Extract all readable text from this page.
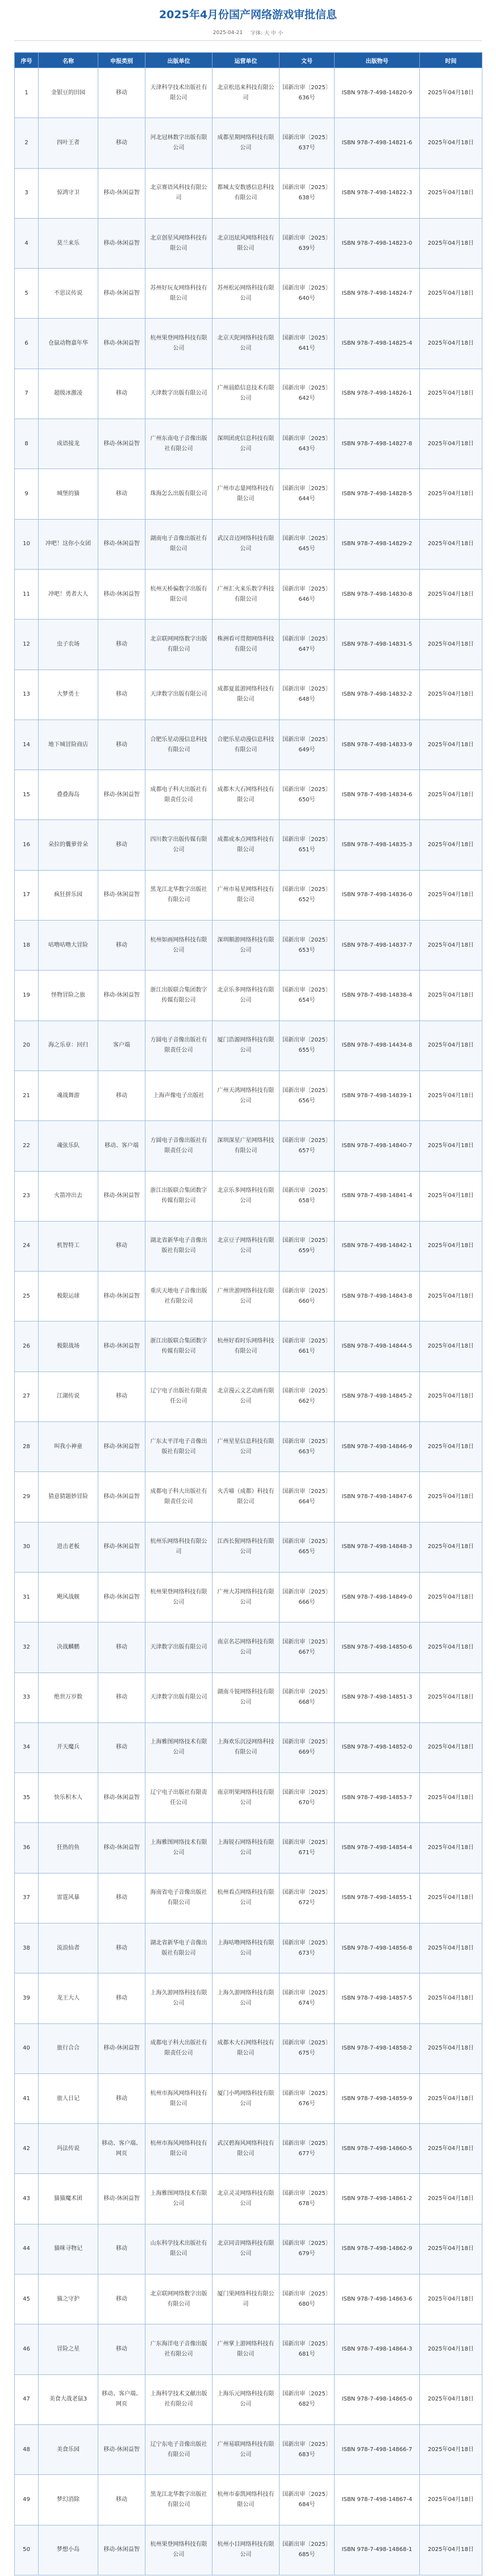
2025年4月份国产网络游戏审批信息
2025-04-21 字体: 大 中 小
序号	名称	申报类别	出版单位	运营单位	文号	出版物号	时间
1	金银豆的田园	移动	天津科学技术出版社有限公司	北京松迅来科技有限公司	国新出审〔2025〕636号	ISBN 978-7-498-14820-9	2025年04月18日
2	四叶王者	移动	河北冠林数字出版有限公司	成都星期网络科技有限公司	国新出审〔2025〕637号	ISBN 978-7-498-14821-6	2025年04月18日
3	惊鸿守卫	移动-休闲益智	北京赛语风科技有限公司	都城太安数感信息科技有限公司	国新出审〔2025〕638号	ISBN 978-7-498-14822-3	2025年04月18日
4	莫兰来乐	移动-休闲益智	北京创星风网络科技有限公司	北京迅炫风网络科技有限公司	国新出审〔2025〕639号	ISBN 978-7-498-14823-0	2025年04月18日
5	不思议传说	移动-休闲益智	苏州好玩友网络科技有限公司	苏州松沁网络科技有限公司	国新出审〔2025〕640号	ISBN 978-7-498-14824-7	2025年04月18日
6	仓鼠动物嘉年华	移动-休闲益智	杭州果登网络科技有限公司	北京天陀网络科技有限公司	国新出审〔2025〕641号	ISBN 978-7-498-14825-4	2025年04月18日
7	超级冰激凌	移动	天津数字出版有限公司	广州晨皓信息技术有限公司	国新出审〔2025〕642号	ISBN 978-7-498-14826-1	2025年04月18日
8	成语接龙	移动-休闲益智	广州东南电子音像出版社有限公司	深圳团虎信息科技有限公司	国新出审〔2025〕643号	ISBN 978-7-498-14827-8	2025年04月18日
9	城堡的猫	移动	珠海怎么出版有限公司	广州市志量网络科技有限公司	国新出审〔2025〕644号	ISBN 978-7-498-14828-5	2025年04月18日
10	冲吧！这你小女团	移动-休闲益智	湖南电子音像出版社有限公司	武汉音迈网络科技有限公司	国新出审〔2025〕645号	ISBN 978-7-498-14829-2	2025年04月18日
11	冲吧！勇者大人	移动-休闲益智	杭州天桥偏数字出版有限公司	广州汇火来乐数字科技有限公司	国新出审〔2025〕646号	ISBN 978-7-498-14830-8	2025年04月18日
12	虫子农场	移动	北京联网网络数字出版有限公司	株洲看可贯彻网络科技有限公司	国新出审〔2025〕647号	ISBN 978-7-498-14831-5	2025年04月18日
13	大梦勇士	移动	天津数字出版有限公司	成都夏蓝游网络科技有限公司	国新出审〔2025〕648号	ISBN 978-7-498-14832-2	2025年04月18日
14	地下城冒险商店	移动	合肥乐星动漫信息科技有限公司	合肥乐星动漫信息科技有限公司	国新出审〔2025〕649号	ISBN 978-7-498-14833-9	2025年04月18日
15	叠叠海岛	移动-休闲益智	成都电子科大出版社有限责任公司	成都木大石网络科技有限公司	国新出审〔2025〕650号	ISBN 978-7-498-14834-6	2025年04月18日
16	朵拉的囊萝骨朵	移动	四川数字出版传媒有限公司	成都成本点网络科技有限公司	国新出审〔2025〕651号	ISBN 978-7-498-14835-3	2025年04月18日
17	疯狂拼乐园	移动-休闲益智	黑龙江北华数字出版社有限公司	广州市易星网络科技有限公司	国新出审〔2025〕652号	ISBN 978-7-498-14836-0	2025年04月18日
18	咕噜咕噜大冒险	移动	杭州如画网络科技有限公司	深圳顺游网络科技有限公司	国新出审〔2025〕653号	ISBN 978-7-498-14837-7	2025年04月18日
19	怪物冒险之旅	移动-休闲益智	浙江出版联合集团数字传媒有限公司	北京乐多网络科技有限公司	国新出审〔2025〕654号	ISBN 978-7-498-14838-4	2025年04月18日
20	海之乐章：回归	客户端	方圆电子音像出版社有限责任公司	厦门浩源网络科技有限公司	国新出审〔2025〕655号	ISBN 978-7-498-14434-8	2025年04月18日
21	魂战舞游	移动	上海声像电子出版社	广州天鸿网络科技有限公司	国新出审〔2025〕656号	ISBN 978-7-498-14839-1	2025年04月18日
22	魂弦乐队	移动、客户端	方圆电子音像出版社有限责任公司	深圳深星广星网络科技有限公司	国新出审〔2025〕657号	ISBN 978-7-498-14840-7	2025年04月18日
23	火箭冲出去	移动-休闲益智	浙江出版联合集团数字传媒有限公司	北京乐多网络科技有限公司	国新出审〔2025〕658号	ISBN 978-7-498-14841-4	2025年04月18日
24	机智特工	移动	湖北省新华电子音像出版社有限公司	北京豆子网络科技有限公司	国新出审〔2025〕659号	ISBN 978-7-498-14842-1	2025年04月18日
25	极限运球	移动-休闲益智	重庆天地电子音像出版社有限公司	广州世游网络科技有限公司	国新出审〔2025〕660号	ISBN 978-7-498-14843-8	2025年04月18日
26	极限战场	移动-休闲益智	浙江出版联合集团数字传媒有限公司	杭州好看时乐网络科技有限公司	国新出审〔2025〕661号	ISBN 978-7-498-14844-5	2025年04月18日
27	江湖传说	移动	辽宁电子出版社有限责任公司	北京漫云文艺动画有限公司	国新出审〔2025〕662号	ISBN 978-7-498-14845-2	2025年04月18日
28	叫我小神童	移动-休闲益智	广东太平洋电子音像出版社有限公司	广州星星信息科技有限公司	国新出审〔2025〕663号	ISBN 978-7-498-14846-9	2025年04月18日
29	猜意猜题妙冒险	移动-休闲益智	成都电子科大出版社有限责任公司	火舌喵（成都）科技有限公司	国新出审〔2025〕664号	ISBN 978-7-498-14847-6	2025年04月18日
30	进击老板	移动-休闲益智	杭州乐网络科技有限公司	江西长猩网络科技有限公司	国新出审〔2025〕665号	ISBN 978-7-498-14848-3	2025年04月18日
31	飓风战舰	移动-休闲益智	杭州果登网络科技有限公司	广州大苏网络科技有限公司	国新出审〔2025〕666号	ISBN 978-7-498-14849-0	2025年04月18日
32	决战麟鹏	移动	天津数字出版有限公司	南京名芯网络科技有限公司	国新出审〔2025〕667号	ISBN 978-7-498-14850-6	2025年04月18日
33	绝世万岁数	移动	天津数字出版有限公司	湖南斗锐网络科技有限公司	国新出审〔2025〕668号	ISBN 978-7-498-14851-3	2025年04月18日
34	开天魔兵	移动	上海雅图网络技术有限公司	上海欢乐沉浸网络科技有限公司	国新出审〔2025〕669号	ISBN 978-7-498-14852-0	2025年04月18日
35	快乐积木人	移动-休闲益智	辽宁电子出版社有限责任公司	南京明果网络科技有限公司	国新出审〔2025〕670号	ISBN 978-7-498-14853-7	2025年04月18日
36	狂热的鱼	移动-休闲益智	上海雅图网络技术有限公司	上海锐石网络科技有限公司	国新出审〔2025〕671号	ISBN 978-7-498-14854-4	2025年04月18日
37	雷霆风暴	移动	海南省电子音像出版社有限公司	杭州看点网络科技有限公司	国新出审〔2025〕672号	ISBN 978-7-498-14855-1	2025年04月18日
38	流浪仙者	移动	湖北省新华电子音像出版社有限公司	上海咕噜网络科技有限公司	国新出审〔2025〕673号	ISBN 978-7-498-14856-8	2025年04月18日
39	龙王大人	移动	上海久游网络科技有限公司	上海久游网络科技有限公司	国新出审〔2025〕674号	ISBN 978-7-498-14857-5	2025年04月18日
40	旅行合合	移动-休闲益智	成都电子科大出版社有限责任公司	成都木大石网络科技有限公司	国新出审〔2025〕675号	ISBN 978-7-498-14858-2	2025年04月18日
41	旅人日记	移动	杭州市海风网络科技有限公司	厦门小鸣网络科技有限公司	国新出审〔2025〕676号	ISBN 978-7-498-14859-9	2025年04月18日
42	玛法传说	移动、客户端、网页	杭州市海风网络科技有限公司	武汉碧海风网络科技有限公司	国新出审〔2025〕677号	ISBN 978-7-498-14860-5	2025年04月18日
43	猫猫魔术团	移动-休闲益智	上海雅图网络技术有限公司	北京灵灵网络科技有限公司	国新出审〔2025〕678号	ISBN 978-7-498-14861-2	2025年04月18日
44	猫咪寻物记	移动	山东科学技术出版社有限公司	北京同音网络科技有限公司	国新出审〔2025〕679号	ISBN 978-7-498-14862-9	2025年04月18日
45	猫之守护	移动	北京联网网络数字出版有限公司	厦门果网络科技有限公司	国新出审〔2025〕680号	ISBN 978-7-498-14863-6	2025年04月18日
46	冒险之星	移动	广东海洋电子音像出版社有限公司	广州掌上游网络科技有限公司	国新出审〔2025〕681号	ISBN 978-7-498-14864-3	2025年04月18日
47	美食大战老鼠3	移动、客户端、网页	上海科学技术文献出版社有限公司	上海乐元网络科技有限公司	国新出审〔2025〕682号	ISBN 978-7-498-14865-0	2025年04月18日
48	美食乐园	移动-休闲益智	辽宁东电子音像出版社有限公司	广州易联网络科技有限公司	国新出审〔2025〕683号	ISBN 978-7-498-14866-7	2025年04月18日
49	梦幻消除	移动	黑龙江北华数字出版社有限公司	杭州市泰凯网络科技有限公司	国新出审〔2025〕684号	ISBN 978-7-498-14867-4	2025年04月18日
50	梦想小岛	移动-休闲益智	杭州果登网络科技有限公司	杭州小目网络科技有限公司	国新出审〔2025〕685号	ISBN 978-7-498-14868-1	2025年04月18日
